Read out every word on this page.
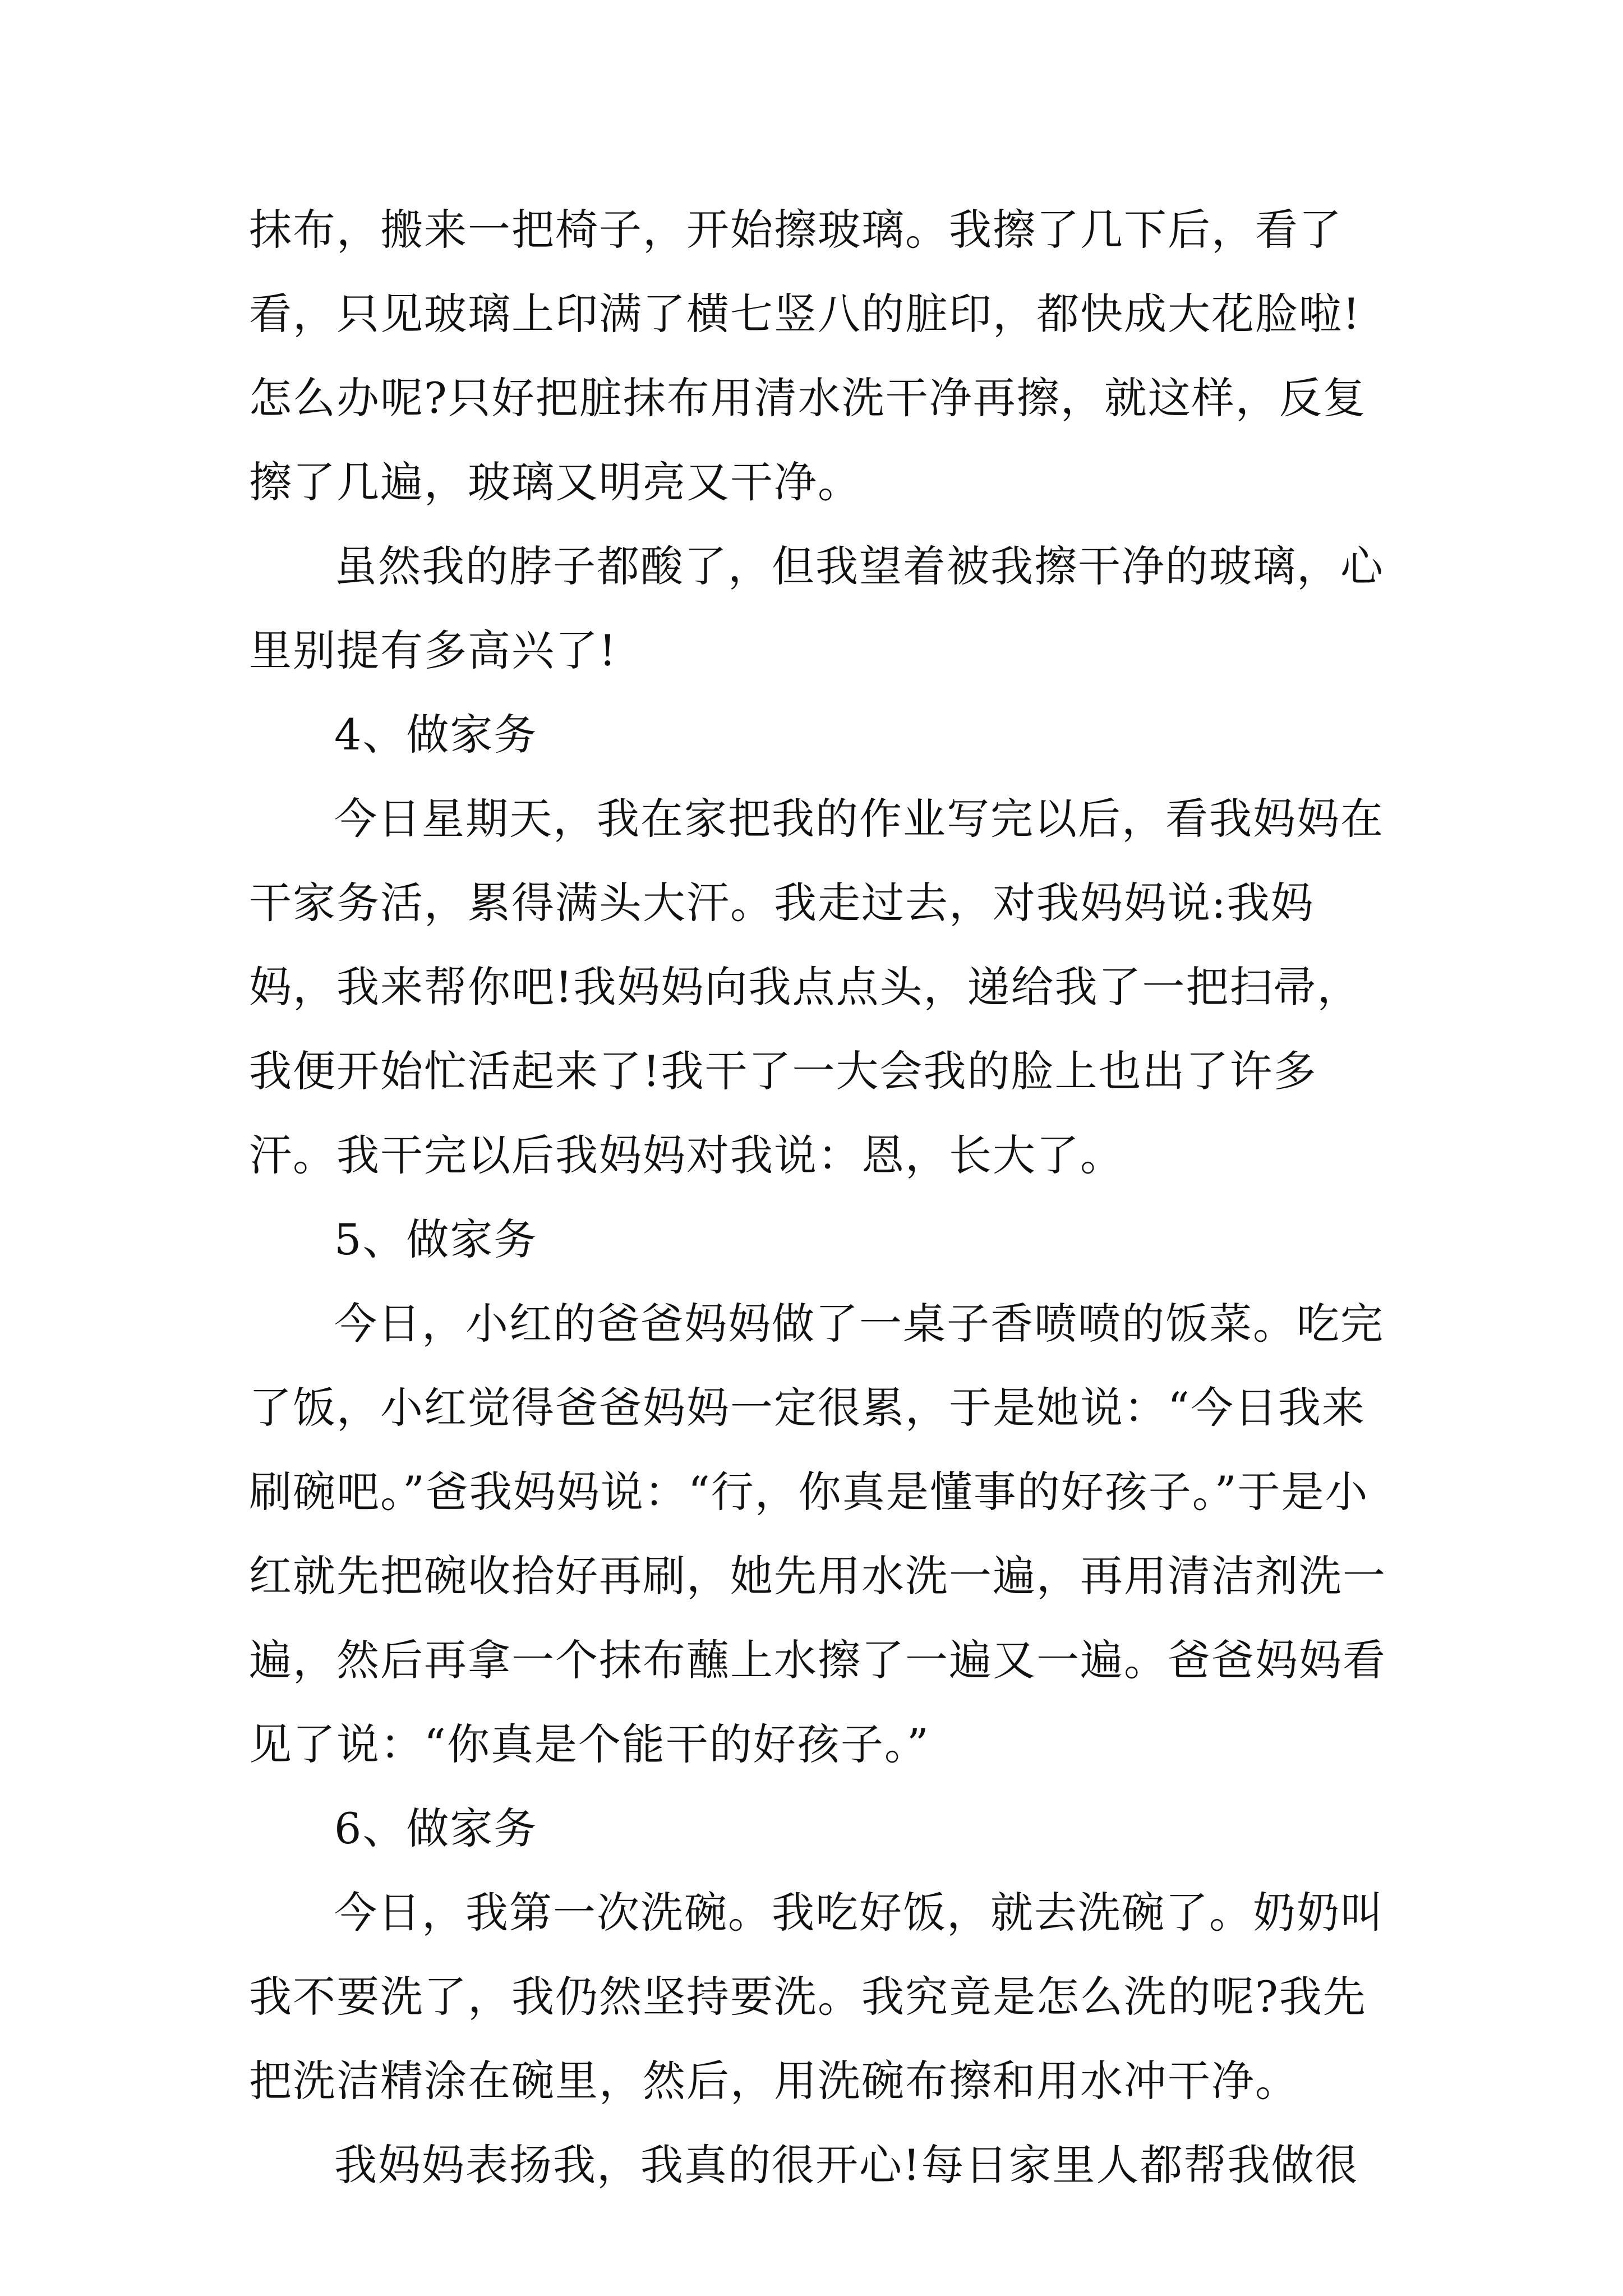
抹布，搬来一把椅子，开始擦玻璃。我擦了几下后，看了看，只见玻璃上印满了横七竖八的脏印，都快成大花脸啦!怎么办呢?只好把脏抹布用清水洗干净再擦，就这样，反复擦了几遍，玻璃又明亮又干净。

虽然我的脖子都酸了，但我望着被我擦干净的玻璃，心里别提有多高兴了!

4、做家务

今日星期天，我在家把我的作业写完以后，看我妈妈在干家务活，累得满头大汗。我走过去，对我妈妈说:我妈妈，我来帮你吧!我妈妈向我点点头，递给我了一把扫帚，我便开始忙活起来了!我干了一大会我的脸上也出了许多汗。我干完以后我妈妈对我说：恩，长大了。

5、做家务

今日，小红的爸爸妈妈做了一桌子香喷喷的饭菜。吃完了饭，小红觉得爸爸妈妈一定很累，于是她说：“今日我来刷碗吧。”爸我妈妈说：“行，你真是懂事的好孩子。”于是小红就先把碗收拾好再刷，她先用水洗一遍，再用清洁剂洗一遍，然后再拿一个抹布蘸上水擦了一遍又一遍。爸爸妈妈看见了说：“你真是个能干的好孩子。”

6、做家务

今日，我第一次洗碗。我吃好饭，就去洗碗了。奶奶叫我不要洗了，我仍然坚持要洗。我究竟是怎么洗的呢?我先把洗洁精涂在碗里，然后，用洗碗布擦和用水冲干净。

我妈妈表扬我，我真的很开心!每日家里人都帮我做很
